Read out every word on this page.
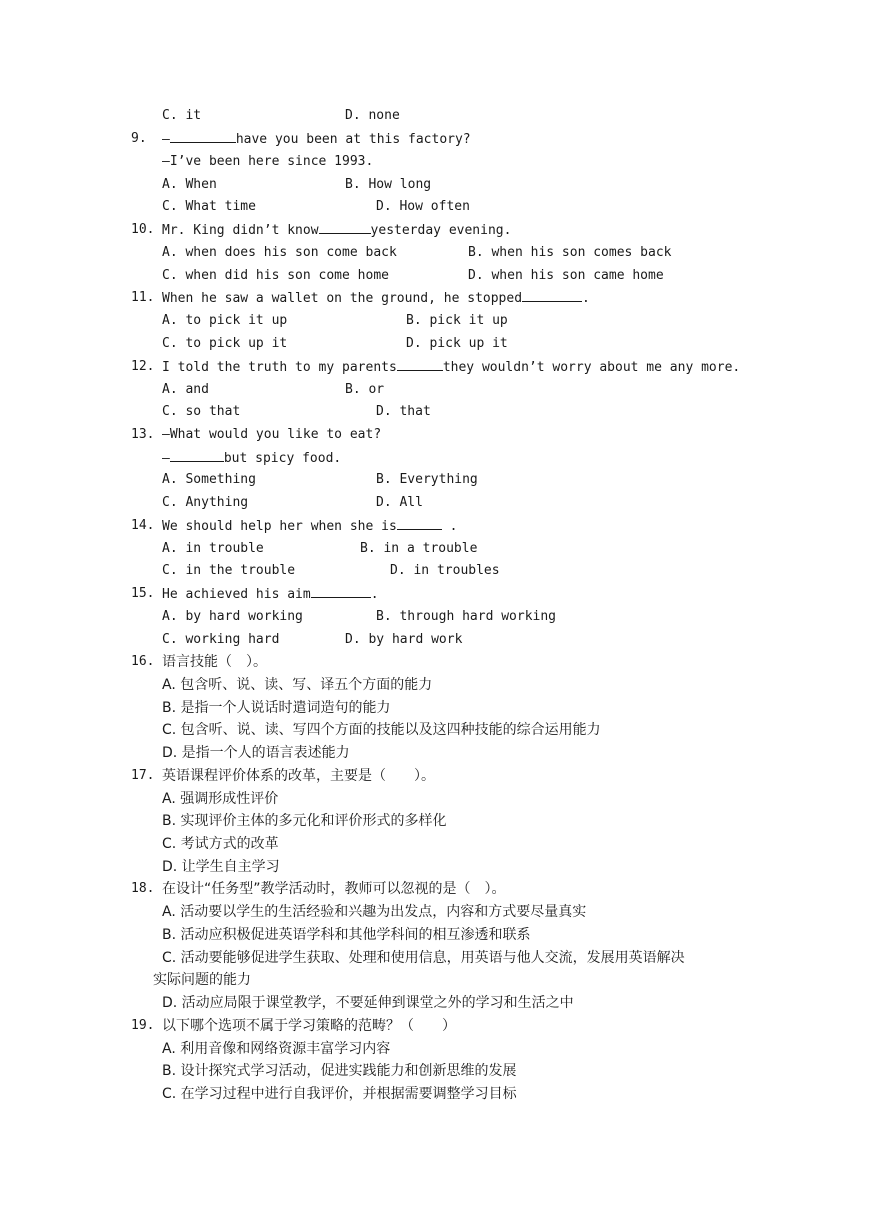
C. it	D. none
9. —	have you been at this factory?
—I’ve been here since 1993.
A. When	B. How long
C. What time	D. How often
10. Mr. King didn’t know	yesterday evening.
A. when does his son come back	B. when his son comes back
C. when did his son come home	D. when his son came home
11. When he saw a wallet on the ground, he stopped	.
A. to pick it up	B. pick it up
C. to pick up it	D. pick up it
12. I told the truth to my parents	they wouldn’t worry about me any more.
A. and	B. or
C. so that	D. that
13. —What would you like to eat?
—	but spicy food.
A. Something	B. Everything
C. Anything	D. All
14. We should help her when she is	.
A. in trouble	B. in a trouble
C. in the trouble	D. in troubles
15. He achieved his aim	.
A. by hard working	B. through hard working
C. working hard	D. by hard work
16. 语言技能（　）。
A. 包含听、说、读、写、译五个方面的能力
B. 是指一个人说话时遣词造句的能力
C. 包含听、说、读、写四个方面的技能以及这四种技能的综合运用能力
D. 是指一个人的语言表述能力
17. 英语课程评价体系的改革，主要是（　　）。
A. 强调形成性评价
B. 实现评价主体的多元化和评价形式的多样化
C. 考试方式的改革
D. 让学生自主学习
18. 在设计“任务型”教学活动时，教师可以忽视的是（　）。
A. 活动要以学生的生活经验和兴趣为出发点，内容和方式要尽量真实
B. 活动应积极促进英语学科和其他学科间的相互渗透和联系
C. 活动要能够促进学生获取、处理和使用信息，用英语与他人交流，发展用英语解决
实际问题的能力
D. 活动应局限于课堂教学，不要延伸到课堂之外的学习和生活之中
19. 以下哪个选项不属于学习策略的范畴？（　　）
A. 利用音像和网络资源丰富学习内容
B. 设计探究式学习活动，促进实践能力和创新思维的发展
C. 在学习过程中进行自我评价，并根据需要调整学习目标
